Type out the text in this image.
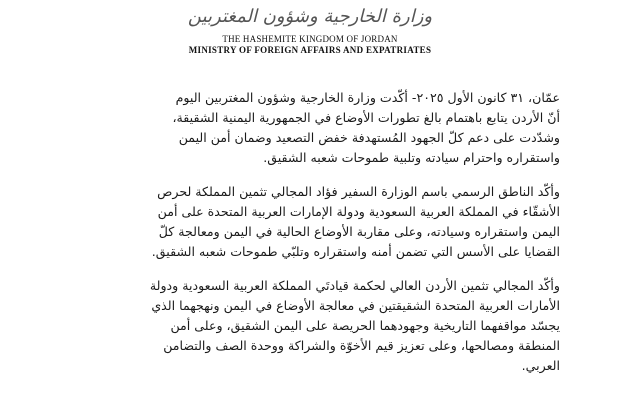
وزارة الخارجية وشؤون المغتربين
THE HASHEMITE KINGDOM OF JORDAN
MINISTRY OF FOREIGN AFFAIRS AND EXPATRIATES

عمّان، ٣١ كانون الأول ٢٠٢٥- أكّدت وزارة الخارجية وشؤون المغتربين اليوم
أنّ الأردن يتابع باهتمام بالغ تطورات الأوضاع في الجمهورية اليمنية الشقيقة،
وشدّدت على دعم كلّ الجهود المُستهدفة خفض التصعيد وضمان أمن اليمن
واستقراره واحترام سيادته وتلبية طموحات شعبه الشقيق.

وأكّد الناطق الرسمي باسم الوزارة السفير فؤاد المجالي تثمين المملكة لحرص
الأشقّاء في المملكة العربية السعودية ودولة الإمارات العربية المتحدة على أمن
اليمن واستقراره وسيادته، وعلى مقاربة الأوضاع الحالية في اليمن ومعالجة كلّ
القضايا على الأسس التي تضمن أمنه واستقراره وتلبّي طموحات شعبه الشقيق.

وأكّد المجالي تثمين الأردن العالي لحكمة قيادتَي المملكة العربية السعودية ودولة
الأمارات العربية المتحدة الشقيقتين في معالجة الأوضاع في اليمن ونهجهما الذي
يجسّد مواقفهما التاريخية وجهودهما الحريصة على اليمن الشقيق، وعلى أمن
المنطقة ومصالحها، وعلى تعزيز قيم الأخوّة والشراكة ووحدة الصف والتضامن
العربي.
